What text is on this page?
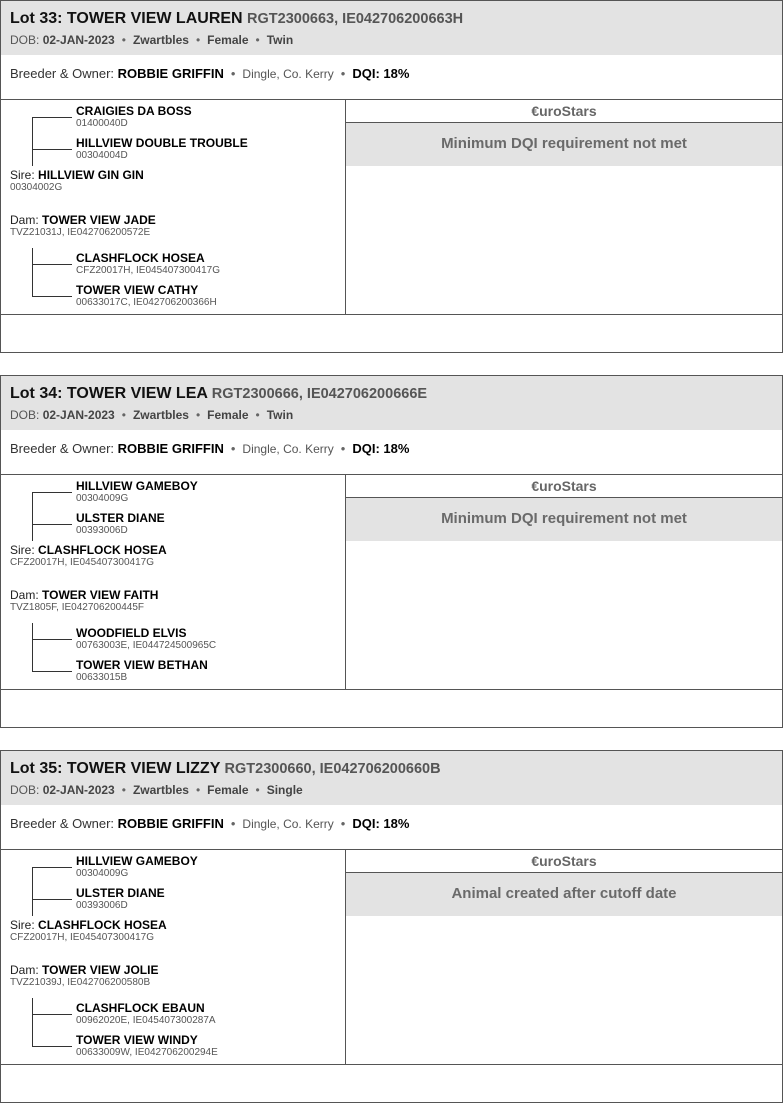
Lot 33: TOWER VIEW LAUREN RGT2300663, IE042706200663H
DOB: 02-JAN-2023 • Zwartbles • Female • Twin
Breeder & Owner: ROBBIE GRIFFIN • Dingle, Co. Kerry • DQI: 18%
CRAIGIES DA BOSS
01400040D
HILLVIEW DOUBLE TROUBLE
00304004D
Sire: HILLVIEW GIN GIN
00304002G
Dam: TOWER VIEW JADE
TVZ21031J, IE042706200572E
CLASHFLOCK HOSEA
CFZ20017H, IE045407300417G
TOWER VIEW CATHY
00633017C, IE042706200366H
€uroStars
Minimum DQI requirement not met
Lot 34: TOWER VIEW LEA RGT2300666, IE042706200666E
DOB: 02-JAN-2023 • Zwartbles • Female • Twin
Breeder & Owner: ROBBIE GRIFFIN • Dingle, Co. Kerry • DQI: 18%
HILLVIEW GAMEBOY
00304009G
ULSTER DIANE
00393006D
Sire: CLASHFLOCK HOSEA
CFZ20017H, IE045407300417G
Dam: TOWER VIEW FAITH
TVZ1805F, IE042706200445F
WOODFIELD ELVIS
00763003E, IE044724500965C
TOWER VIEW BETHAN
00633015B
€uroStars
Minimum DQI requirement not met
Lot 35: TOWER VIEW LIZZY RGT2300660, IE042706200660B
DOB: 02-JAN-2023 • Zwartbles • Female • Single
Breeder & Owner: ROBBIE GRIFFIN • Dingle, Co. Kerry • DQI: 18%
HILLVIEW GAMEBOY
00304009G
ULSTER DIANE
00393006D
Sire: CLASHFLOCK HOSEA
CFZ20017H, IE045407300417G
Dam: TOWER VIEW JOLIE
TVZ21039J, IE042706200580B
CLASHFLOCK EBAUN
00962020E, IE045407300287A
TOWER VIEW WINDY
00633009W, IE042706200294E
€uroStars
Animal created after cutoff date
